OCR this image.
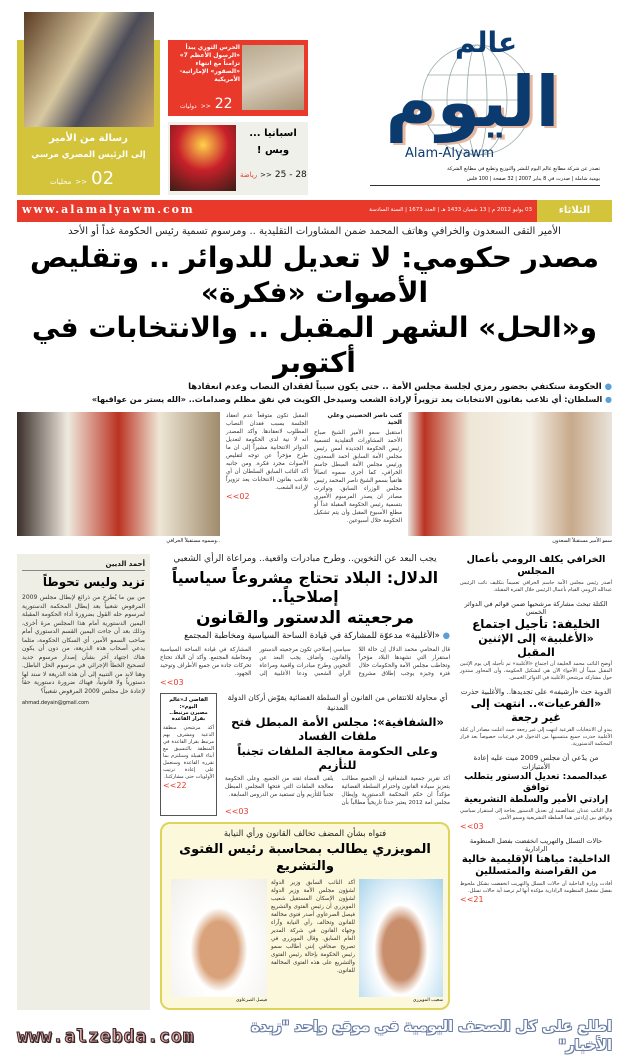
رسالة من الأمير
إلى الرئيس المصري مرسي
محليات >> 02
الحرس الثوري يبدأ «الرسول الأعظم 7» تزامناً مع انتهاء «الصقور» الإماراتية-الأمريكية
دوليات >> 22
اسبانيا ...
وبس !
رياضة >> 25 - 28
عالم
اليوم
Alam-Alyawm
تصدر عن شركة مطابع عالم اليوم للنشر والتوزيع وتطبع في مطابع الشركة
يومية شاملة | صدرت في 8 يناير 2007 | 32 صفحة | 100 فلس
www.alamalyawm.com	03 يوليو 2012 م | 13 شعبان 1433 هـ | العدد 1673 | السنة السادسة	الثلاثاء
الأمير التقى السعدون والخرافي وهاتف المحمد ضمن المشاورات التقليدية .. ومرسوم تسمية رئيس الحكومة غداً أو الأحد
مصدر حكومي: لا تعديل للدوائر .. وتقليص الأصوات «فكرة»
و«الحل» الشهر المقبل .. والانتخابات في أكتوبر
● الحكومة ستكتفي بحضور رمزي لجلسة مجلس الأمة .. حتى يكون سبباً لفقدان النصاب وعدم انعقادها
● السلطان: أي تلاعب بقانون الانتخابات يعد تزويراً لإرادة الشعب وسيدخل الكويت في نفق مظلم وصدامات.. «الله يستر من عواقبها»
سمو الأمير مستقبلاً السعدون
كتب ناصر الحصيني وعلي الحيد
استقبل سمو الأمير الشيخ صباح الأحمد المشاورات التقليدية لتسمية رئيس الحكومة الجديدة أمس رئيس مجلس الأمة السابق أحمد السعدون ورئيس مجلس الأمة المبطل جاسم الخرافي، كما أجرى سموه اتصالاً هاتفياً بسمو الشيخ ناصر المحمد رئيس مجلس الوزراء السابق. وتواترت مصادر ان يصدر المرسوم الأميري بتسمية رئيس الحكومة المقبلة غداً أو مطلع الأسبوع المقبل وأن يتم تشكيل الحكومة خلال أسبوعين.
المقبل تكون متوقعاً عدم انعقاد الجلسة بسبب فقدان النصاب المطلوب لانعقادها. وأكد المصدر أنه لا نية لدى الحكومة لتعديل الدوائر الانتخابية مشيراً إلى ان ما طرح مؤخراً عن توجه لتقليص الأصوات مجرد فكرة. ومن جانبه أكد النائب السابق السلطان أن أي تلاعب بقانون الانتخابات يعد تزويراً لإرادة الشعب.
<<02
..وسموه مستقبلاً الخرافي
الخرافي يكلف الرومي بأعمال المجلس
أصدر رئيس مجلس الأمة جاسم الخرافي تعميماً بتكليف نائب الرئيس عبدالله الرومي القيام بأعمال الرئيس خلال الفترة المقبلة.
الكتلة تبحث مشاركة مرشحيها ضمن قوائم في الدوائر الخمس
الخليفة: تأجيل اجتماع
«الأغلبية» إلى الإثنين المقبل
أوضح النائب محمد الخليفة أن اجتماع «الأغلبية» تم تأجيله إلى يوم الإثنين المقبل مبيناً أن الأجواء الآن هي لتشكيل الحكومة، وأن المحاور ستدور حول مشاركة مرشحي الأغلبية في الدوائر الخمس.
الدوية حث «أرشيفه» على تجديدها.. والأغلبية حذرت
«الفرعيات».. انتهت إلى غير رجعة
يبدو أن الانتخابات الفرعية انتهت إلى غير رجعة حيث أعلنت مصادر أن كتلة الأغلبية حذرت جميع منتسبيها من الدخول في فرعيات خصوصاً بعد قرار المحكمة الدستورية.
من يدّعي أن مجلس 2009 ميت عليه إعادة الأمتيازات
عبدالصمد: تعديل الدستور يتطلب توافق
إرادتي الأمير والسلطة التشريعية
قال النائب عدنان عبدالصمد إن تعديل الدستور بحاجة إلى استقرار سياسي وتوافق بين إرادتين هما السلطة التشريعية وسمو الأمير.
<<03
حالات التسلل والتهريب انخفضت بفضل المنظومة الرادارية
الداخلية: مياهنا الإقليمية خالية
من القراصنة والمتسللين
أفادت وزارة الداخلية أن حالات التسلل والتهريب انخفضت بشكل ملحوظ بفضل تشغيل المنظومة الرادارية مؤكدة أنها لم ترصد أية حالات تسلل.
<<21
يجب البعد عن التخوين.. وطرح مبادرات واقعية.. ومراعاة الرأي الشعبي
الدلال: البلاد تحتاج مشروعاً سياسياً إصلاحياً..
مرجعيته الدستور والقانون
● «الأغلبية» مدعوّة للمشاركة في قيادة الساحة السياسية ومخاطبة المجتمع
قال المحامي محمد الدلال إن حالة اللا استقرار التي تشهدها البلاد مؤخراً وتخاطب مجلس الأمة والحكومات خلال فترة وجيزة يوجب إطلاق مشروع سياسي إصلاحي تكون مرجعيته الدستور والقانون. وأضاف يجب البعد عن التخوين وطرح مبادرات واقعية ومراعاة الرأي الشعبي ودعا الأغلبية إلى المشاركة في قيادة الساحة السياسية ومخاطبة المجتمع. وأكد أن البلاد تحتاج تحركات جادة من جميع الأطراف وتوحيد الجهود.
<<03
أي محاولة للانتقاص من القانون أو السلطة القضائية يقوّض أركان الدولة المدنية
«الشفافية»: مجلس الأمة المبطل فتح ملفات الفساد
وعلى الحكومة معالجة الملفات تجنباً للتأزيم
أكد تقرير جمعية الشفافية أن الجميع مطالب بتعزيز سيادة القانون واحترام السلطة القضائية مؤكداً ان حكم المحكمة الدستورية وإبطال مجلس أمة 2012 يعتبر حدثاً تاريخياً مطالباً بأن يلقى القضاء ثقته من الجميع. وعلى الحكومة معالجة الملفات التي فتحها المجلس المبطل تجنباً للتأزيم وأن تستفيد من الدروس السابقة.
<<03
القاضي لـ«عالم اليوم»:
مصيرن مرتبط.. بقرار القاعدة
أكد مرشحي منطقة الدعية ومشرف بهم مرتبط بقرار القاعدة في المنطقة بالتنسيق مع أبناء القبيلة وسنلتزم بما تقرره القاعدة وسنعمل على إعادة ترتيب الأولويات حتى مشاركتنا.
<<22
فتواه بشأن المضف تخالف القانون ورأي النيابة
المويزري يطالب بمحاسبة رئيس الفتوى والتشريع
شعيب المويزري
أكد النائب السابق وزير الدولة لشؤون مجلس الأمة وزير الدولة لشؤون الإسكان المستقيل شعيب المويزري أن رئيس الفتوى والتشريع فيصل الصرعاوي أصدر فتوى مخالفة للقانون وتخالف رأي النيابة وآراء وجهاء القانون في شركة المدير العام السابق. وقال المويزري في تصريح صحافي إنني أطالب سمو رئيس الحكومة بإحالة رئيس الفتوى والتشريع على هذه الفتوى المخالفة للقانون.
فيصل الصرعاوي
أحمد الديين
تزيد وليس تحوطاً
من بين ما يُطرح من ذرائع لإبطال مجلس 2009 المرفوض شعبياً بعد إبطال المحكمة الدستورية لمرسوم حله القول بضرورة أداء الحكومة المقبلة اليمين الدستورية أمام هذا المجلس مرة أخرى، وذلك بعد أن جاءت اليمين القسم الدستوري أمام صاحب السمو الأمير، أي السكان الحكومة، مثلما يدعي أصحاب هذه الذريعة، من دون أن يكون هناك اجتهاد آخر بشأن إصدار مرسوم جديد لتصحيح الخطأ الإجرائي في مرسوم الحل الباطل. وهنا لابد من التنبيه إلى أن هذه الذريعة لا سند لها دستورياً ولا قانونياً، فهناك ضرورة دستورية حقاً لإعادة حل مجلس 2009 المرفوض شعبياً؟
ahmad.deyain@gmail.com
www.alzebda.com	اطلع على كل الصحف اليومية في موقع واحد "زبدة الأخبار"
